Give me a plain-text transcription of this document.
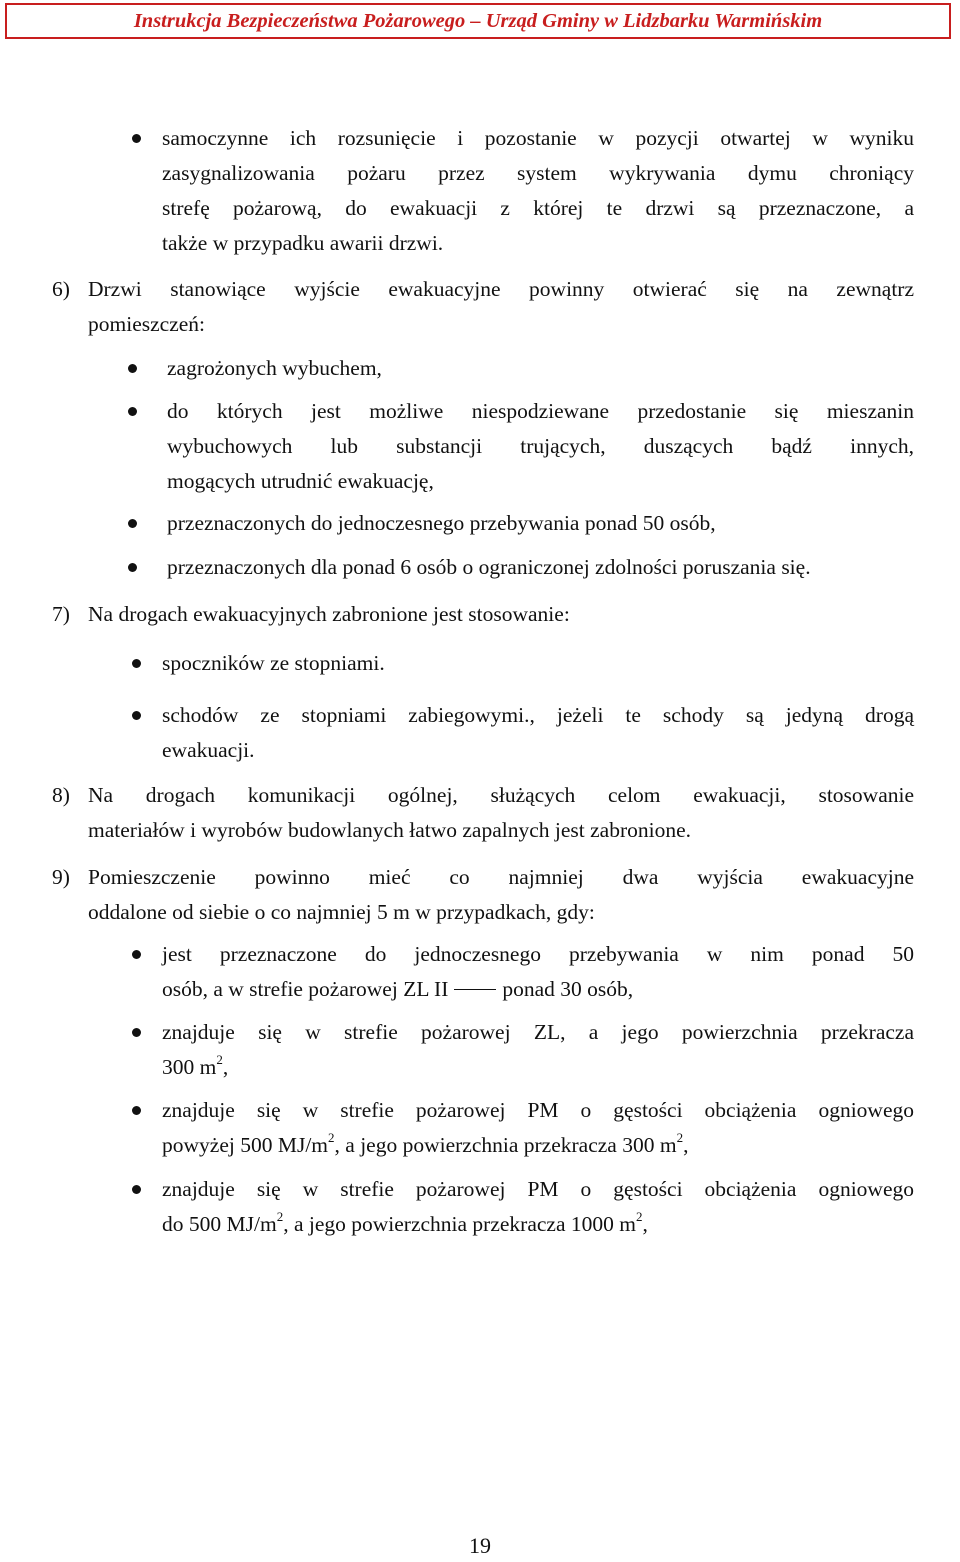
Instrukcja Bezpieczeństwa Pożarowego – Urząd Gminy w Lidzbarku Warmińskim
samoczynne ich rozsunięcie i pozostanie w pozycji otwartej w wyniku
zasygnalizowania pożaru przez system wykrywania dymu chroniący
strefę pożarową, do ewakuacji z której te drzwi są przeznaczone, a
także w przypadku awarii drzwi.
6) Drzwi stanowiące wyjście ewakuacyjne powinny otwierać się na zewnątrz
pomieszczeń:
zagrożonych wybuchem,
do których jest możliwe niespodziewane przedostanie się mieszanin
wybuchowych lub substancji trujących, duszących bądź innych,
mogących utrudnić ewakuację,
przeznaczonych do jednoczesnego przebywania ponad 50 osób,
przeznaczonych dla ponad 6 osób o ograniczonej zdolności poruszania się.
7) Na drogach ewakuacyjnych zabronione jest stosowanie:
spoczników ze stopniami.
schodów ze stopniami zabiegowymi., jeżeli te schody są jedyną drogą
ewakuacji.
8) Na drogach komunikacji ogólnej, służących celom ewakuacji, stosowanie
materiałów i wyrobów budowlanych łatwo zapalnych jest zabronione.
9) Pomieszczenie powinno mieć co najmniej dwa wyjścia ewakuacyjne
oddalone od siebie o co najmniej 5 m w przypadkach, gdy:
jest przeznaczone do jednoczesnego przebywania w nim ponad 50
osób, a w strefie pożarowej ZL II	ponad 30 osób,
znajduje się w strefie pożarowej ZL, a jego powierzchnia przekracza
300 $m^2$,
znajduje się w strefie pożarowej PM o gęstości obciążenia ogniowego
powyżej 500 $MJ/m^2$, a jego powierzchnia przekracza 300 $m^2$,
znajduje się w strefie pożarowej PM o gęstości obciążenia ogniowego
do 500 $MJ/m^2$, a jego powierzchnia przekracza 1000 $m^2$,
19
